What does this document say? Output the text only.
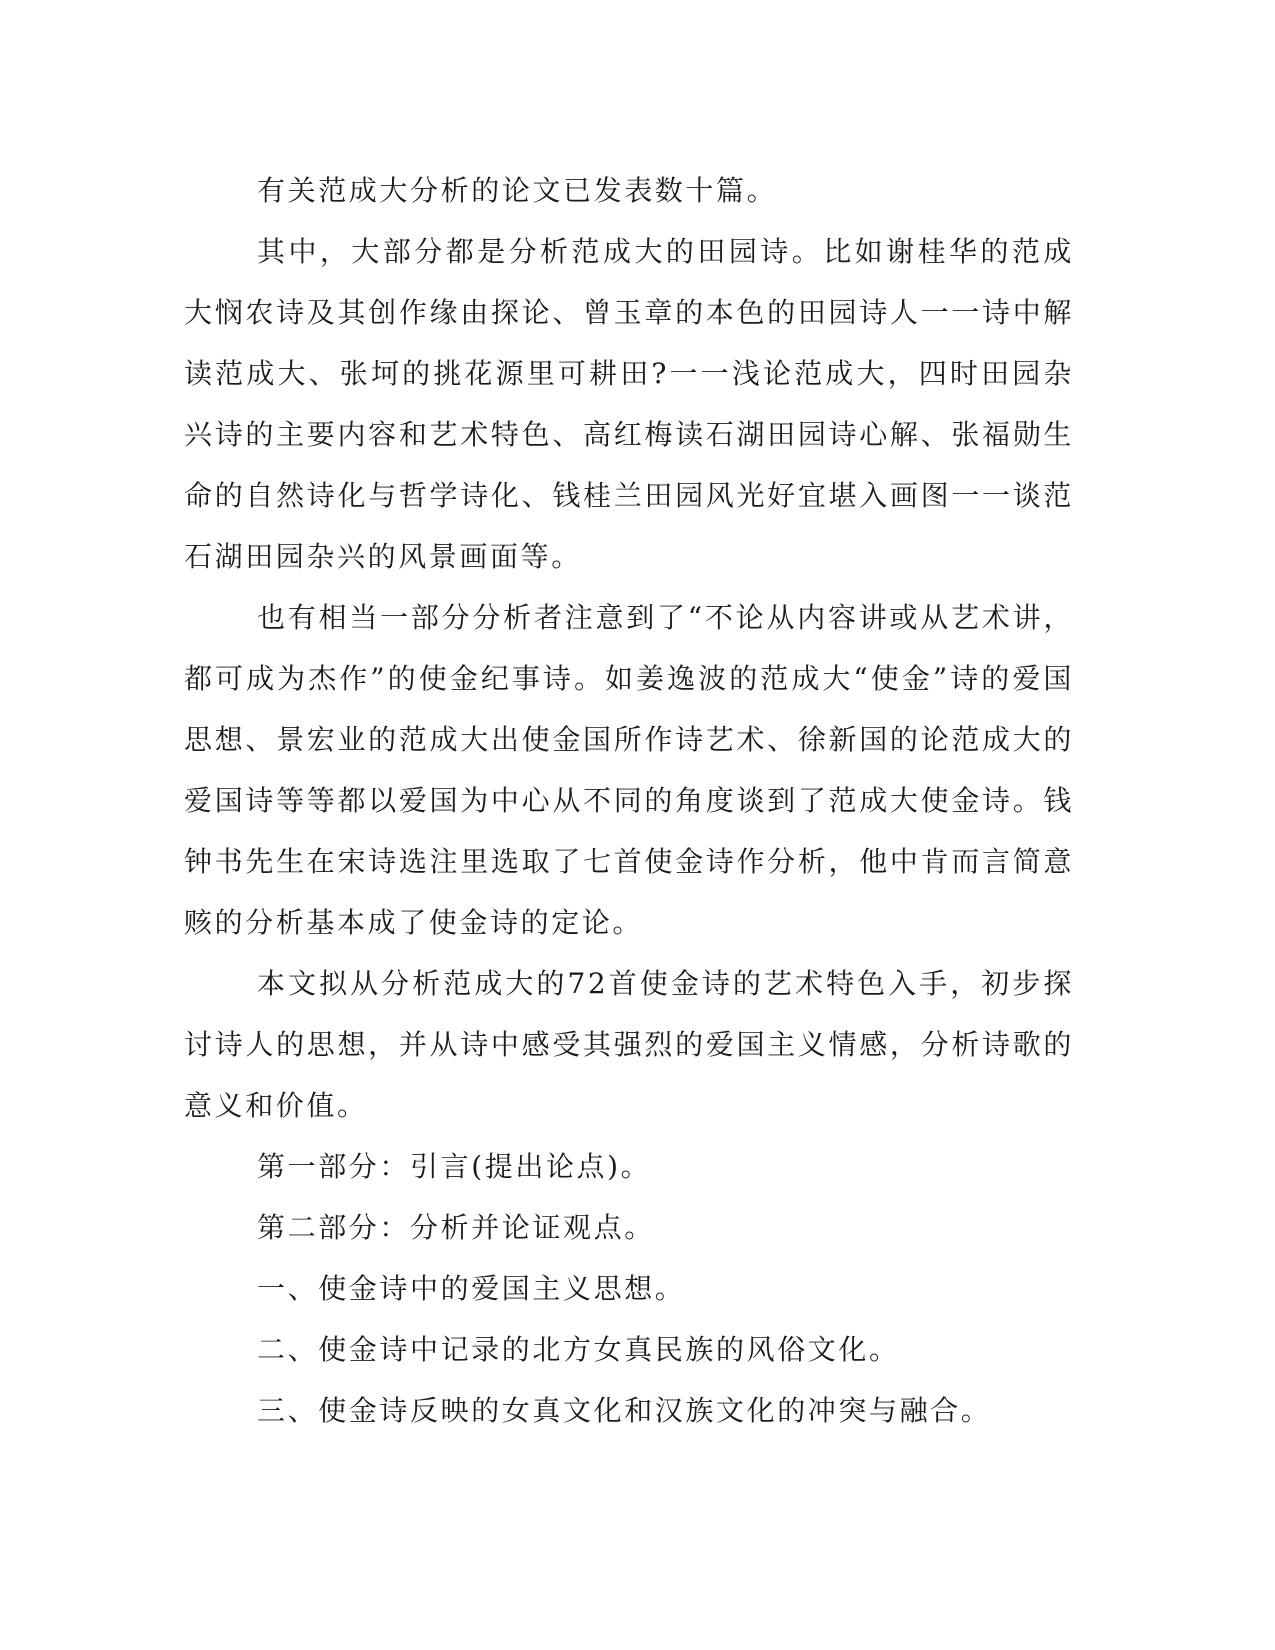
有关范成大分析的论文已发表数十篇。

其中，大部分都是分析范成大的田园诗。比如谢桂华的范成大悯农诗及其创作缘由探论、曾玉章的本色的田园诗人一一诗中解读范成大、张坷的挑花源里可耕田?一一浅论范成大，四时田园杂兴诗的主要内容和艺术特色、高红梅读石湖田园诗心解、张福勋生命的自然诗化与哲学诗化、钱桂兰田园风光好宜堪入画图一一谈范石湖田园杂兴的风景画面等。

也有相当一部分分析者注意到了“不论从内容讲或从艺术讲，都可成为杰作”的使金纪事诗。如姜逸波的范成大“使金”诗的爱国思想、景宏业的范成大出使金国所作诗艺术、徐新国的论范成大的爱国诗等等都以爱国为中心从不同的角度谈到了范成大使金诗。钱钟书先生在宋诗选注里选取了七首使金诗作分析，他中肯而言简意赅的分析基本成了使金诗的定论。

本文拟从分析范成大的72首使金诗的艺术特色入手，初步探讨诗人的思想，并从诗中感受其强烈的爱国主义情感，分析诗歌的意义和价值。

第一部分：引言(提出论点)。

第二部分：分析并论证观点。

一、使金诗中的爱国主义思想。

二、使金诗中记录的北方女真民族的风俗文化。

三、使金诗反映的女真文化和汉族文化的冲突与融合。
